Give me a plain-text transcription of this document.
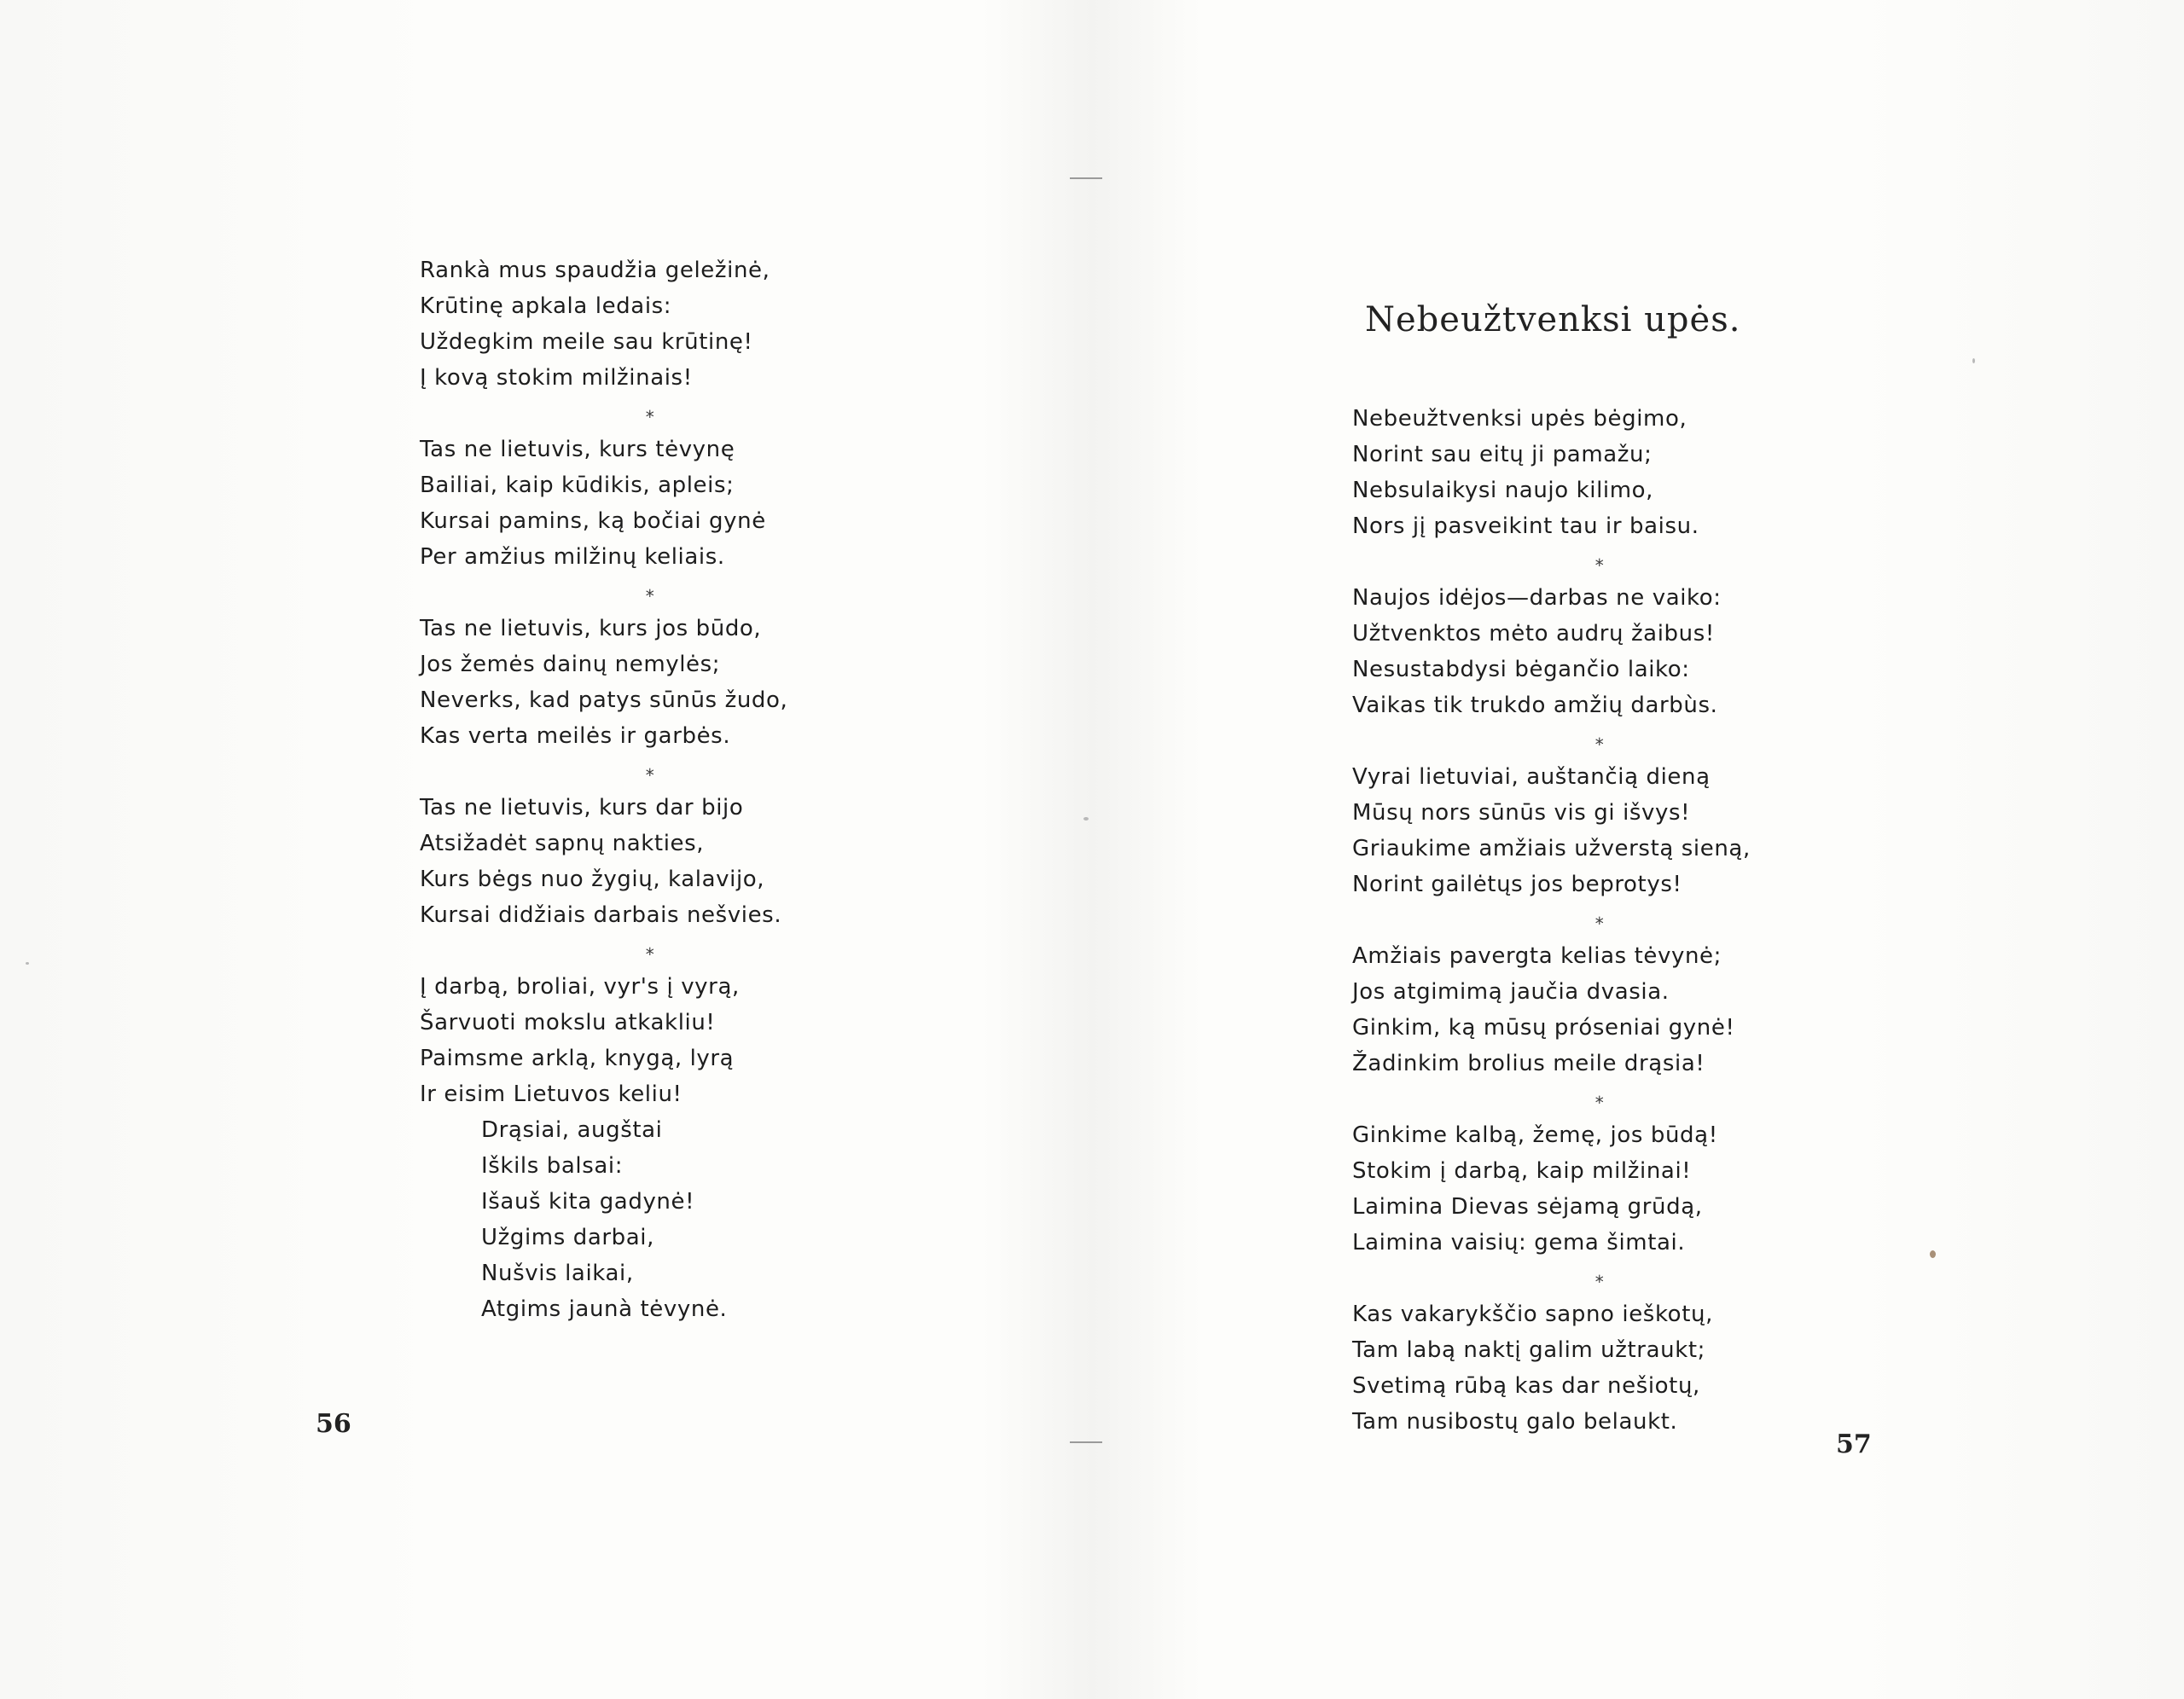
Rankà mus spaudžia geležinė,
Krūtinę apkala ledais:
Uždegkim meile sau krūtinę!
Į kovą stokim milžinais!
*
Tas ne lietuvis, kurs tėvynę
Bailiai, kaip kūdikis, apleis;
Kursai pamins, ką bočiai gynė
Per amžius milžinų keliais.
*
Tas ne lietuvis, kurs jos būdo,
Jos žemės dainų nemylės;
Neverks, kad patys sūnūs žudo,
Kas verta meilės ir garbės.
*
Tas ne lietuvis, kurs dar bijo
Atsižadėt sapnų nakties,
Kurs bėgs nuo žygių, kalavijo,
Kursai didžiais darbais nešvies.
*
Į darbą, broliai, vyr's į vyrą,
Šarvuoti mokslu atkakliu!
Paimsme arklą, knygą, lyrą
Ir eisim Lietuvos keliu!
Drąsiai, augštai
Iškils balsai:
Išauš kita gadynė!
Užgims darbai,
Nušvis laikai,
Atgims jaunà tėvynė.
56
Nebeužtvenksi upės.
Nebeužtvenksi upės bėgimo,
Norint sau eitų ji pamažu;
Nebsulaikysi naujo kilimo,
Nors jį pasveikint tau ir baisu.
*
Naujos idėjos—darbas ne vaiko:
Užtvenktos mėto audrų žaibus!
Nesustabdysi bėgančio laiko:
Vaikas tik trukdo amžių darbùs.
*
Vyrai lietuviai, auštančią dieną
Mūsų nors sūnūs vis gi išvys!
Griaukime amžiais užverstą sieną,
Norint gailėtųs jos beprotys!
*
Amžiais pavergta kelias tėvynė;
Jos atgimimą jaučia dvasia.
Ginkim, ką mūsų prόseniai gynė!
Žadinkim brolius meile drąsia!
*
Ginkime kalbą, žemę, jos būdą!
Stokim į darbą, kaip milžinai!
Laimina Dievas sėjamą grūdą,
Laimina vaisių: gema šimtai.
*
Kas vakarykščio sapno ieškotų,
Tam labą naktį galim užtraukt;
Svetimą rūbą kas dar nešiotų,
Tam nusibostų galo belaukt.
57
